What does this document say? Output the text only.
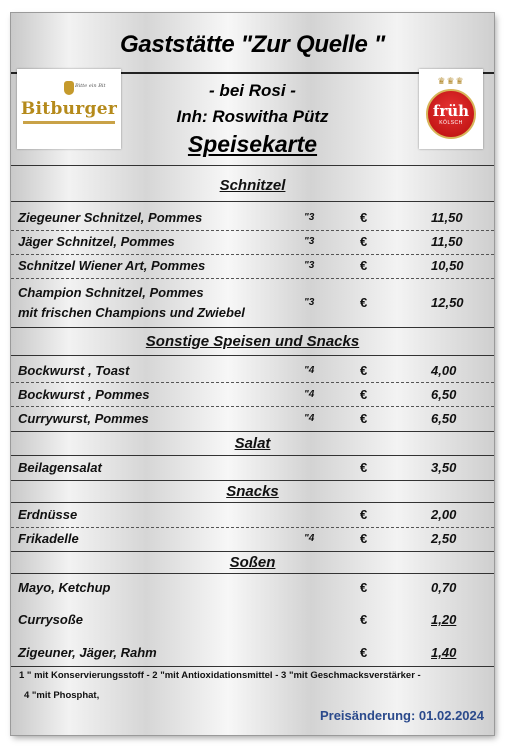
Gaststätte "Zur Quelle "
Bitte ein Bit
Bitburger
♛♛♛
früh
KÖLSCH
- bei Rosi -
Inh: Roswitha Pütz
Speisekarte
Schnitzel
Ziegeuner Schnitzel, Pommes	"3	€	11,50
Jäger Schnitzel, Pommes	"3	€	11,50
Schnitzel Wiener Art, Pommes	"3	€	10,50
Champion Schnitzel, Pommes
mit frischen Champions und Zwiebel
"3	€	12,50
Sonstige Speisen und Snacks
Bockwurst , Toast	"4	€	4,00
Bockwurst , Pommes	"4	€	6,50
Currywurst, Pommes	"4	€	6,50
Salat
Beilagensalat	€	3,50
Snacks
Erdnüsse	€	2,00
Frikadelle	"4	€	2,50
Soßen
Mayo, Ketchup	€	0,70
Currysoße	€	1,20
Zigeuner, Jäger, Rahm	€	1,40
1 " mit Konservierungsstoff - 2 "mit Antioxidationsmittel - 3 "mit Geschmacksverstärker -
4 "mit Phosphat,
Preisänderung: 01.02.2024
